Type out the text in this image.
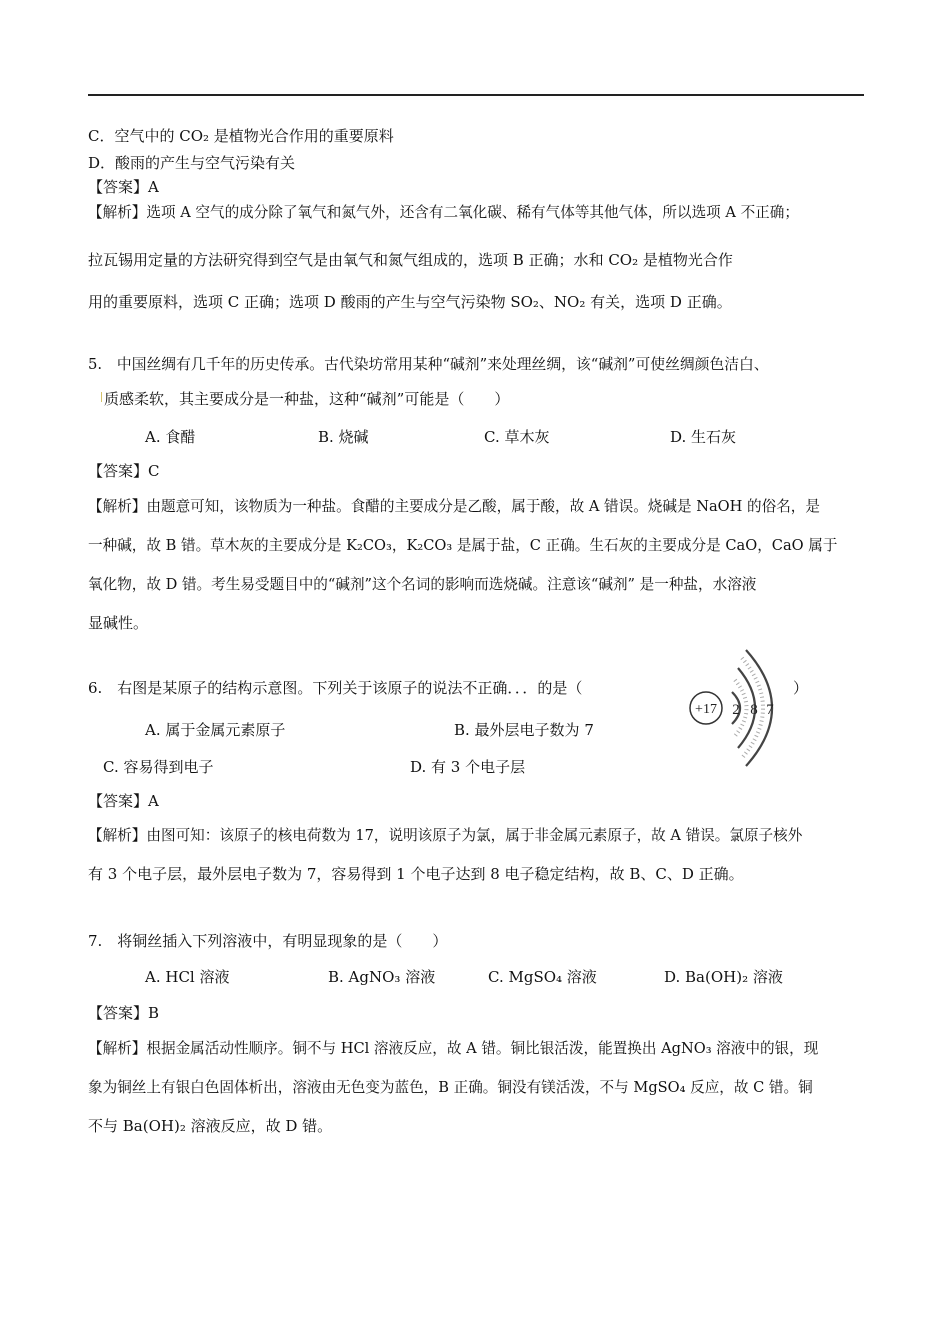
C．空气中的 CO₂ 是植物光合作用的重要原料
D．酸雨的产生与空气污染有关
【答案】A
【解析】选项 A 空气的成分除了氧气和氮气外，还含有二氧化碳、稀有气体等其他气体，所以选项 A 不正确；
拉瓦锡用定量的方法研究得到空气是由氧气和氮气组成的，选项 B 正确；水和 CO₂ 是植物光合作
用的重要原料，选项 C 正确；选项 D 酸雨的产生与空气污染物 SO₂、NO₂ 有关，选项 D 正确。
5.　中国丝绸有几千年的历史传承。古代染坊常用某种“碱剂”来处理丝绸，该“碱剂”可使丝绸颜色洁白、
质感柔软，其主要成分是一种盐，这种“碱剂”可能是（　　）
A. 食醋	B. 烧碱	C. 草木灰	D. 生石灰
【答案】C
【解析】由题意可知，该物质为一种盐。食醋的主要成分是乙酸，属于酸，故 A 错误。烧碱是 NaOH 的俗名，是
一种碱，故 B 错。草木灰的主要成分是 K₂CO₃，K₂CO₃ 是属于盐，C 正确。生石灰的主要成分是 CaO，CaO 属于
氧化物，故 D 错。考生易受题目中的“碱剂”这个名词的影响而选烧碱。注意该“碱剂” 是一种盐，水溶液
显碱性。
6.　右图是某原子的结构示意图。下列关于该原子的说法不正确．．．的是（	）
+17 2 8 7
A. 属于金属元素原子	B. 最外层电子数为 7
C. 容易得到电子	D. 有 3 个电子层
【答案】A
【解析】由图可知：该原子的核电荷数为 17，说明该原子为氯，属于非金属元素原子，故 A 错误。氯原子核外
有 3 个电子层，最外层电子数为 7，容易得到 1 个电子达到 8 电子稳定结构，故 B、C、D 正确。
7.　将铜丝插入下列溶液中，有明显现象的是（　　）
A. HCl 溶液	B. AgNO₃ 溶液	C. MgSO₄ 溶液	D. Ba(OH)₂ 溶液
【答案】B
【解析】根据金属活动性顺序。铜不与 HCl 溶液反应，故 A 错。铜比银活泼，能置换出 AgNO₃ 溶液中的银，现
象为铜丝上有银白色固体析出，溶液由无色变为蓝色，B 正确。铜没有镁活泼，不与 MgSO₄ 反应，故 C 错。铜
不与 Ba(OH)₂ 溶液反应，故 D 错。
